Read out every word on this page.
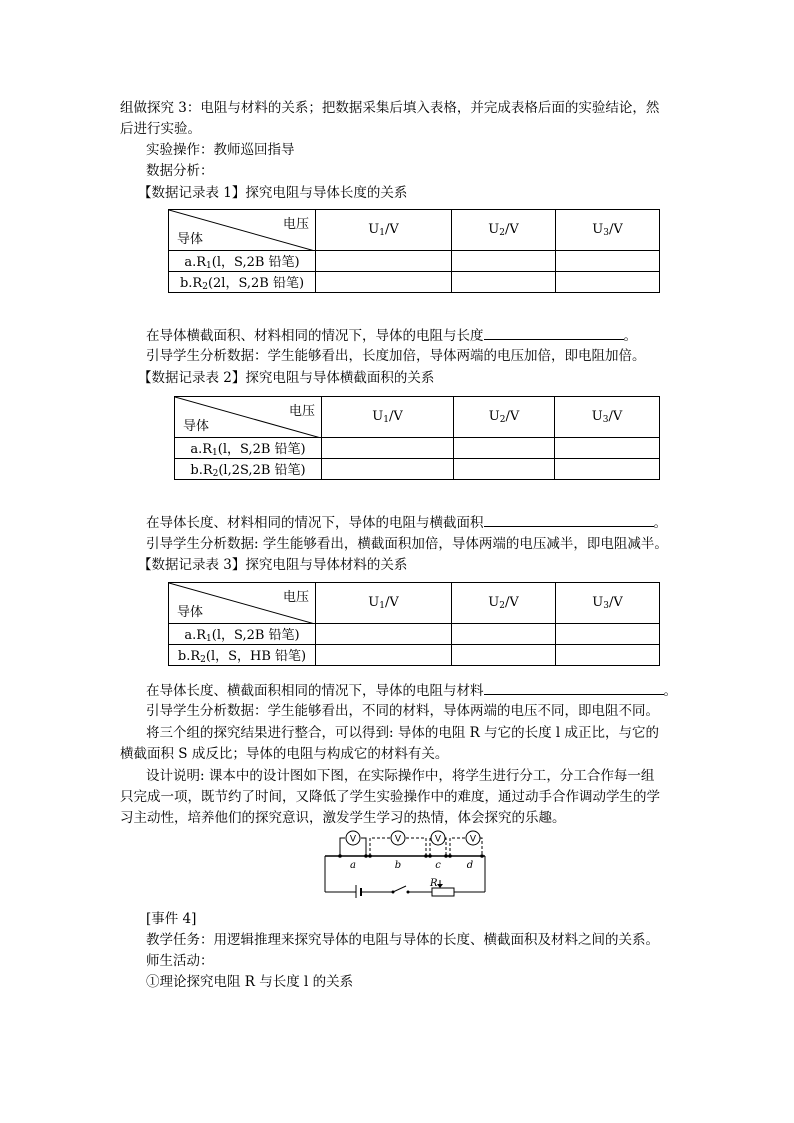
组做探究 3：电阻与材料的关系；把数据采集后填入表格，并完成表格后面的实验结论，然
后进行实验。
实验操作：教师巡回指导
数据分析：
【数据记录表 1】探究电阻与导体长度的关系
电压
导体	$U_1/V$	$U_2/V$	$U_3/V$
$a.R_1(l$，S,2B 铅笔)			
$b.R_2(2l$，S,2B 铅笔)			
在导体横截面积、材料相同的情况下，导体的电阻与长度	。
引导学生分析数据：学生能够看出，长度加倍，导体两端的电压加倍，即电阻加倍。
【数据记录表 2】探究电阻与导体横截面积的关系
电压
导体	$U_1/V$	$U_2/V$	$U_3/V$
$a.R_1(l$，S,2B 铅笔)			
$b.R_2(l,2S,2B$ 铅笔)			
在导体长度、材料相同的情况下，导体的电阻与横截面积	。
引导学生分析数据: 学生能够看出，横截面积加倍，导体两端的电压减半，即电阻减半。
【数据记录表 3】探究电阻与导体材料的关系
电压
导体	$U_1/V$	$U_2/V$	$U_3/V$
$a.R_1(l$，S,2B 铅笔)			
$b.R_2(l$，S，HB 铅笔)			
在导体长度、横截面积相同的情况下，导体的电阻与材料	。
引导学生分析数据：学生能够看出，不同的材料，导体两端的电压不同，即电阻不同。
将三个组的探究结果进行整合，可以得到: 导体的电阻 R 与它的长度 l 成正比，与它的
横截面积 S 成反比；导体的电阻与构成它的材料有关。
设计说明: 课本中的设计图如下图，在实际操作中，将学生进行分工，分工合作每一组
只完成一项，既节约了时间，又降低了学生实验操作中的难度，通过动手合作调动学生的学
习主动性，培养他们的探究意识，激发学生学习的热情，体会探究的乐趣。
R
V	V	V	V
a	b	c	d
[事件 4]
教学任务：用逻辑推理来探究导体的电阻与导体的长度、横截面积及材料之间的关系。
师生活动：
①理论探究电阻 R 与长度 l 的关系
